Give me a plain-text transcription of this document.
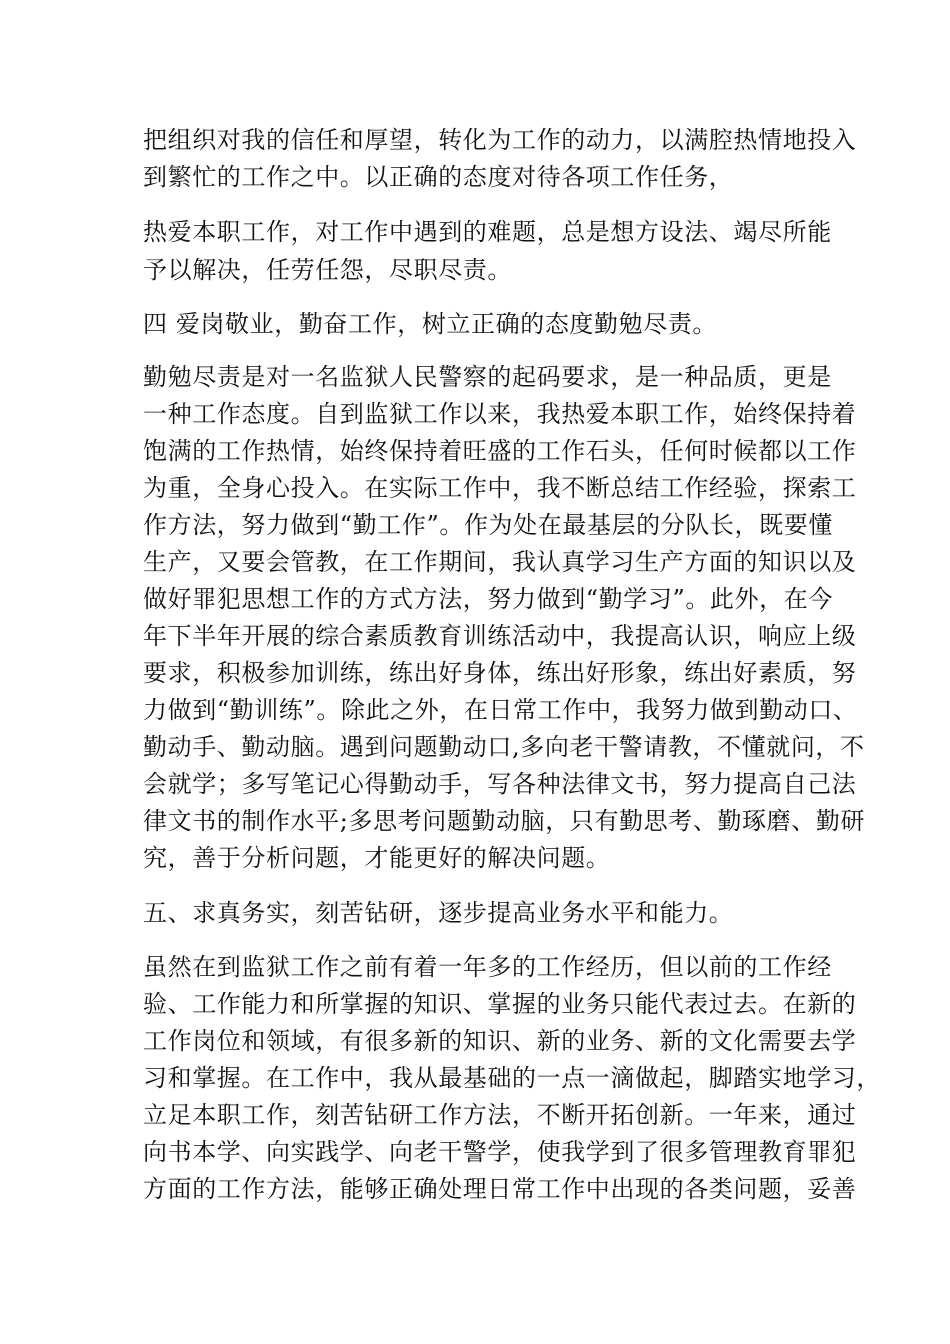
把组织对我的信任和厚望，转化为工作的动力，以满腔热情地投入
到繁忙的工作之中。以正确的态度对待各项工作任务，
热爱本职工作，对工作中遇到的难题，总是想方设法、竭尽所能
予以解决，任劳任怨，尽职尽责。
四 爱岗敬业，勤奋工作，树立正确的态度勤勉尽责。
勤勉尽责是对一名监狱人民警察的起码要求，是一种品质，更是
一种工作态度。自到监狱工作以来，我热爱本职工作，始终保持着
饱满的工作热情，始终保持着旺盛的工作石头，任何时候都以工作
为重，全身心投入。在实际工作中，我不断总结工作经验，探索工
作方法，努力做到“勤工作”。作为处在最基层的分队长，既要懂
生产，又要会管教，在工作期间，我认真学习生产方面的知识以及
做好罪犯思想工作的方式方法，努力做到“勤学习”。此外，在今
年下半年开展的综合素质教育训练活动中，我提高认识，响应上级
要求，积极参加训练，练出好身体，练出好形象，练出好素质，努
力做到“勤训练”。除此之外，在日常工作中，我努力做到勤动口、
勤动手、勤动脑。遇到问题勤动口,多向老干警请教，不懂就问，不
会就学；多写笔记心得勤动手，写各种法律文书，努力提高自己法
律文书的制作水平;多思考问题勤动脑，只有勤思考、勤琢磨、勤研
究，善于分析问题，才能更好的解决问题。
五、求真务实，刻苦钻研，逐步提高业务水平和能力。
虽然在到监狱工作之前有着一年多的工作经历，但以前的工作经
验、工作能力和所掌握的知识、掌握的业务只能代表过去。在新的
工作岗位和领域，有很多新的知识、新的业务、新的文化需要去学
习和掌握。在工作中，我从最基础的一点一滴做起，脚踏实地学习，
立足本职工作，刻苦钻研工作方法，不断开拓创新。一年来，通过
向书本学、向实践学、向老干警学，使我学到了很多管理教育罪犯
方面的工作方法，能够正确处理日常工作中出现的各类问题，妥善
